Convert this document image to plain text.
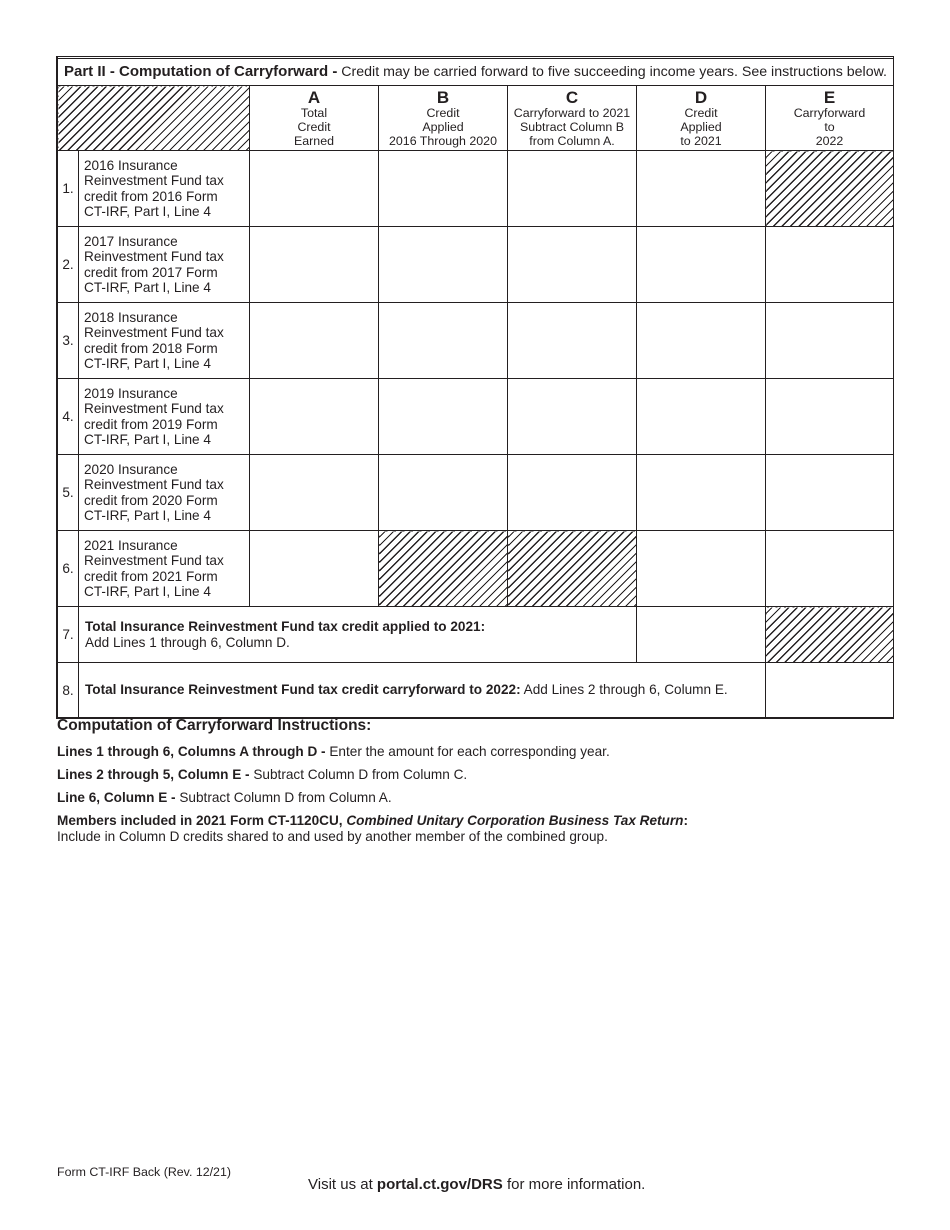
Part II - Computation of Carryforward - Credit may be carried forward to five succeeding income years. See instructions below.						

		A
Total
Credit
Earned	B
Credit
Applied
2016 Through 2020	C
Carryforward to 2021
Subtract Column B
from Column A.	D
Credit
Applied
to 2021	E
Carryforward
to
2022
1.	2016 Insurance
Reinvestment Fund tax
credit from 2016 Form
CT-IRF, Part I, Line 4					
2.	2017 Insurance
Reinvestment Fund tax
credit from 2017 Form
CT-IRF, Part I, Line 4					
3.	2018 Insurance
Reinvestment Fund tax
credit from 2018 Form
CT-IRF, Part I, Line 4					
4.	2019 Insurance
Reinvestment Fund tax
credit from 2019 Form
CT-IRF, Part I, Line 4					
5.	2020 Insurance
Reinvestment Fund tax
credit from 2020 Form
CT-IRF, Part I, Line 4					
6.	2021 Insurance
Reinvestment Fund tax
credit from 2021 Form
CT-IRF, Part I, Line 4					
7.	Total Insurance Reinvestment Fund tax credit applied to 2021:
Add Lines 1 through 6, Column D.					
8.	Total Insurance Reinvestment Fund tax credit carryforward to 2022: Add Lines 2 through 6, Column E.					

Computation of Carryforward Instructions:

Lines 1 through 6, Columns A through D - Enter the amount for each corresponding year.

Lines 2 through 5, Column E - Subtract Column D from Column C.

Line 6, Column E - Subtract Column D from Column A.

Members included in 2021 Form CT-1120CU, Combined Unitary Corporation Business Tax Return:
Include in Column D credits shared to and used by another member of the combined group.

Form CT-IRF Back (Rev. 12/21)
Visit us at portal.ct.gov/DRS for more information.
